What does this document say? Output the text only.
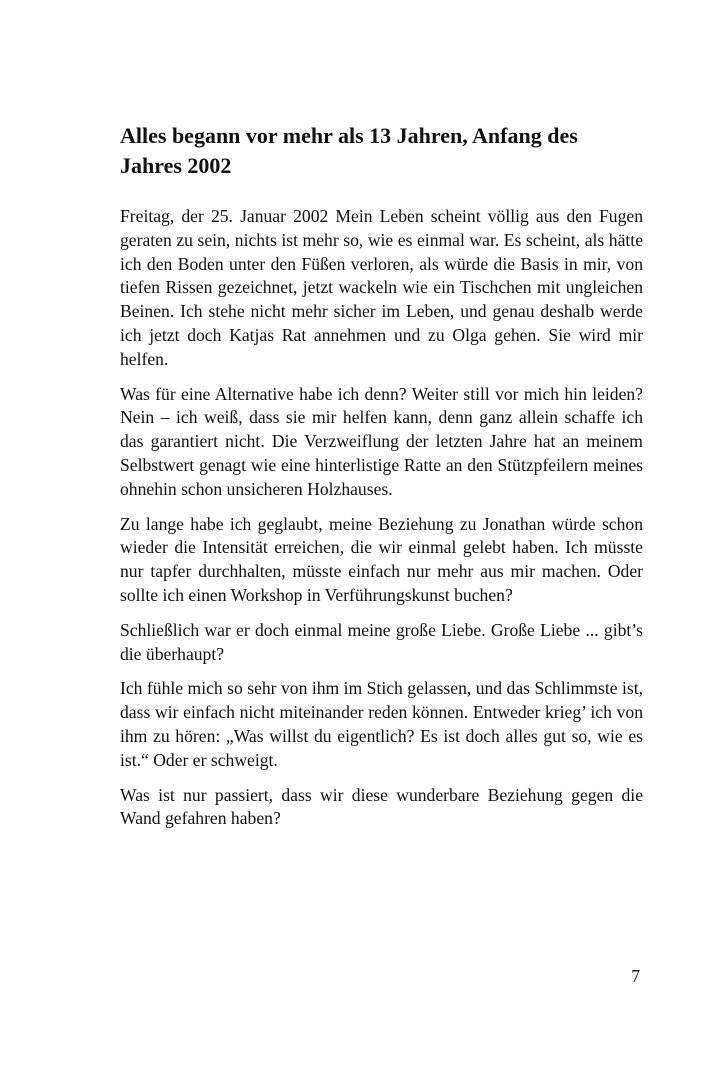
Alles begann vor mehr als 13 Jahren, Anfang des Jahres 2002

Freitag, der 25. Januar 2002 Mein Leben scheint völlig aus den Fugen geraten zu sein, nichts ist mehr so, wie es einmal war. Es scheint, als hätte ich den Boden unter den Füßen verloren, als würde die Basis in mir, von tiefen Rissen gezeichnet, jetzt wackeln wie ein Tischchen mit ungleichen Beinen. Ich stehe nicht mehr sicher im Leben, und genau deshalb werde ich jetzt doch Katjas Rat annehmen und zu Olga gehen. Sie wird mir helfen.

Was für eine Alternative habe ich denn? Weiter still vor mich hin leiden? Nein – ich weiß, dass sie mir helfen kann, denn ganz allein schaffe ich das garantiert nicht. Die Verzweiflung der letzten Jahre hat an meinem Selbstwert genagt wie eine hinterlistige Ratte an den Stützpfeilern meines ohnehin schon unsicheren Holzhauses.

Zu lange habe ich geglaubt, meine Beziehung zu Jonathan würde schon wieder die Intensität erreichen, die wir einmal gelebt haben. Ich müsste nur tapfer durchhalten, müsste einfach nur mehr aus mir machen. Oder sollte ich einen Workshop in Verführungskunst buchen?

Schließlich war er doch einmal meine große Liebe. Große Liebe ... gibt’s die überhaupt?

Ich fühle mich so sehr von ihm im Stich gelassen, und das Schlimmste ist, dass wir einfach nicht miteinander reden können. Entweder krieg’ ich von ihm zu hören: „Was willst du eigentlich? Es ist doch alles gut so, wie es ist.“ Oder er schweigt.

Was ist nur passiert, dass wir diese wunderbare Beziehung gegen die Wand gefahren haben?

7
